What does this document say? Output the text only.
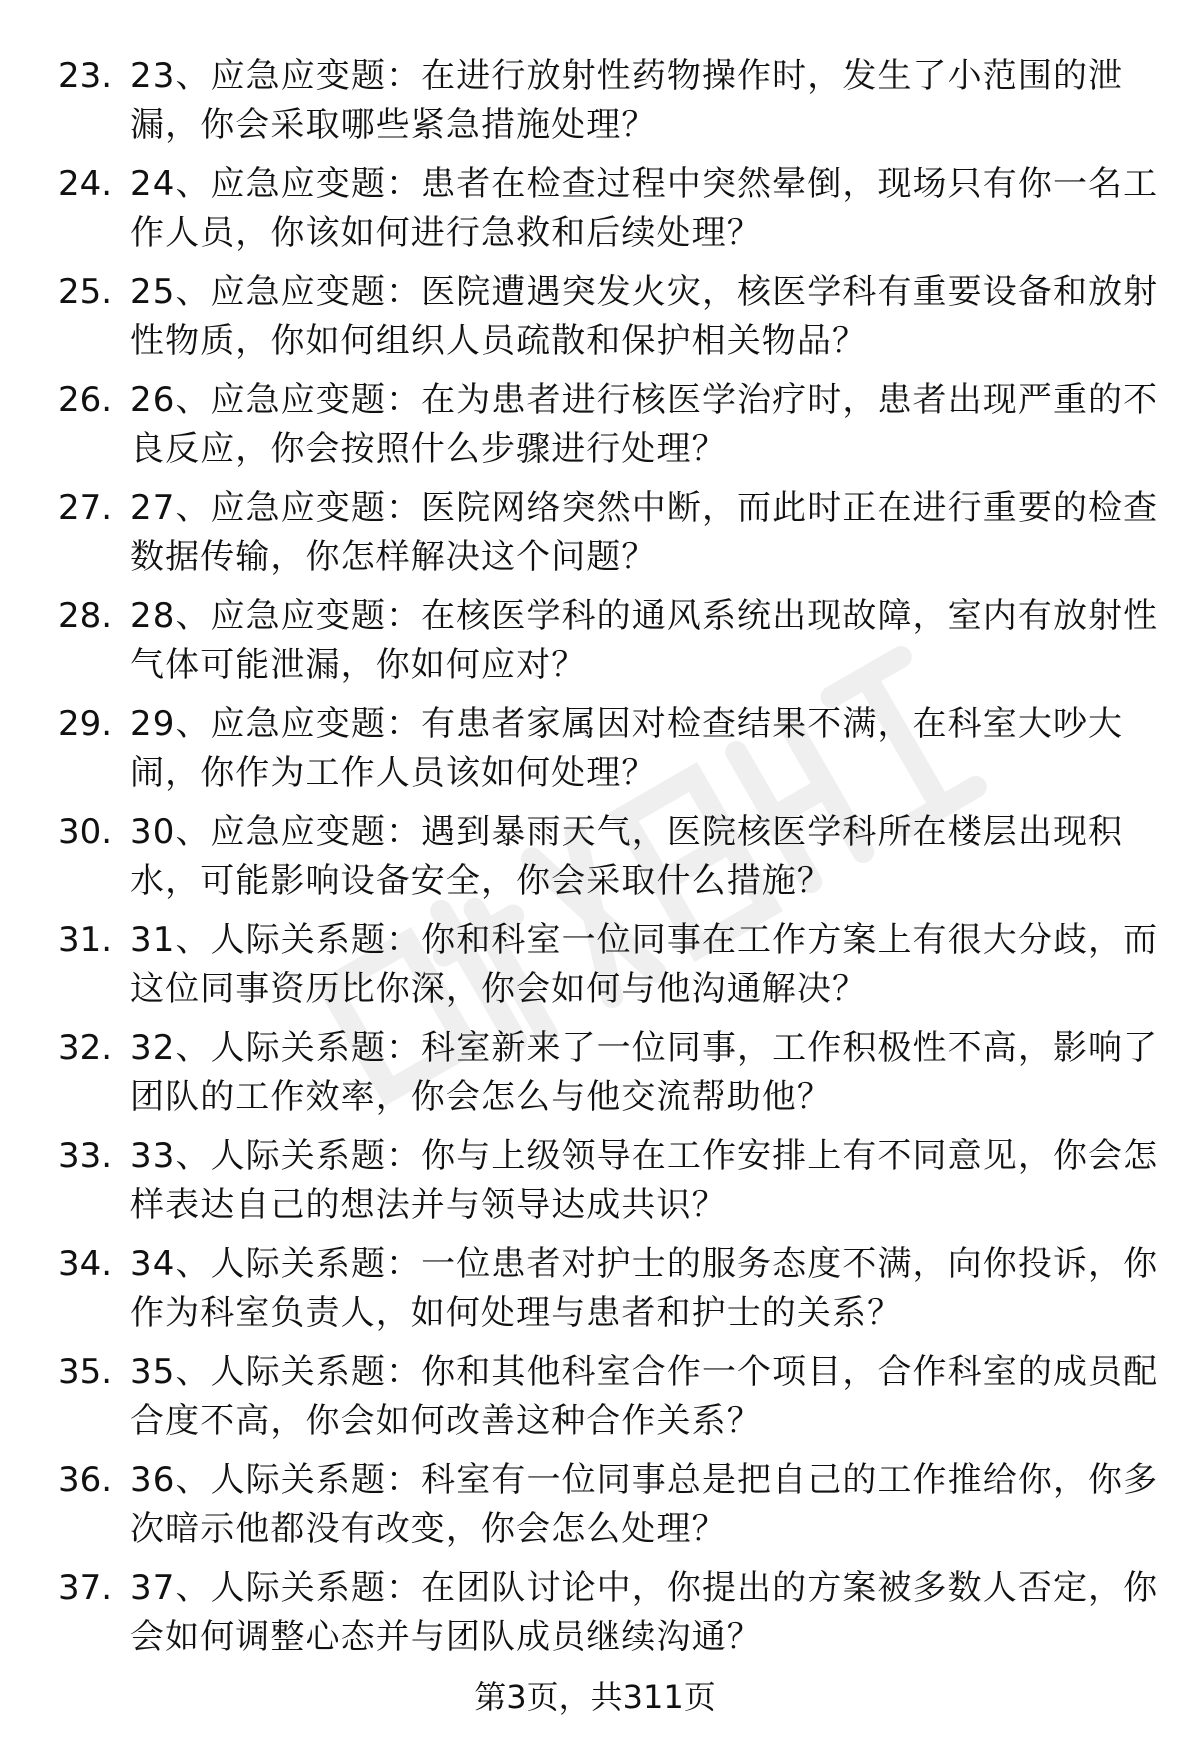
23. 23、应急应变题：在进行放射性药物操作时，发生了小范围的泄漏，你会采取哪些紧急措施处理？
24. 24、应急应变题：患者在检查过程中突然晕倒，现场只有你一名工作人员，你该如何进行急救和后续处理？
25. 25、应急应变题：医院遭遇突发火灾，核医学科有重要设备和放射性物质，你如何组织人员疏散和保护相关物品？
26. 26、应急应变题：在为患者进行核医学治疗时，患者出现严重的不良反应，你会按照什么步骤进行处理？
27. 27、应急应变题：医院网络突然中断，而此时正在进行重要的检查数据传输，你怎样解决这个问题？
28. 28、应急应变题：在核医学科的通风系统出现故障，室内有放射性气体可能泄漏，你如何应对？
29. 29、应急应变题：有患者家属因对检查结果不满，在科室大吵大闹，你作为工作人员该如何处理？
30. 30、应急应变题：遇到暴雨天气，医院核医学科所在楼层出现积水，可能影响设备安全，你会采取什么措施？
31. 31、人际关系题：你和科室一位同事在工作方案上有很大分歧，而这位同事资历比你深，你会如何与他沟通解决？
32. 32、人际关系题：科室新来了一位同事，工作积极性不高，影响了团队的工作效率，你会怎么与他交流帮助他？
33. 33、人际关系题：你与上级领导在工作安排上有不同意见，你会怎样表达自己的想法并与领导达成共识？
34. 34、人际关系题：一位患者对护士的服务态度不满，向你投诉，你作为科室负责人，如何处理与患者和护士的关系？
35. 35、人际关系题：你和其他科室合作一个项目，合作科室的成员配合度不高，你会如何改善这种合作关系？
36. 36、人际关系题：科室有一位同事总是把自己的工作推给你，你多次暗示他都没有改变，你会怎么处理？
37. 37、人际关系题：在团队讨论中，你提出的方案被多数人否定，你会如何调整心态并与团队成员继续沟通？
第3页，共311页
